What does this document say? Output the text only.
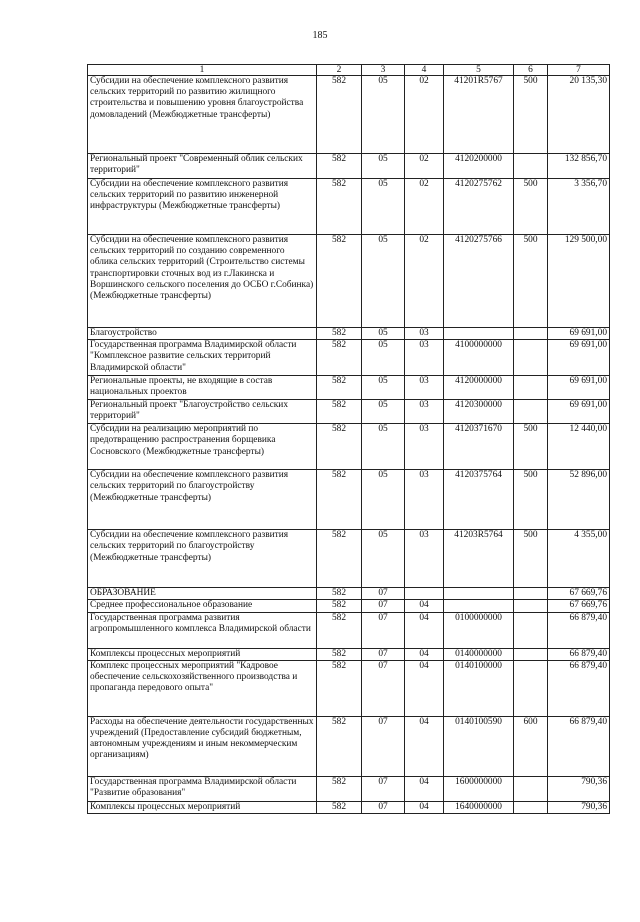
185
1	2	3	4	5	6	7
Субсидии на обеспечение комплексного развития сельских территорий по развитию жилищного строительства и повышению уровня благоустройства домовладений (Межбюджетные трансферты)	582	05	02	41201R5767	500	20 135,30
Региональный проект "Современный облик сельских территорий"	582	05	02	4120200000		132 856,70
Субсидии на обеспечение комплексного развития сельских территорий по развитию инженерной инфраструктуры (Межбюджетные трансферты)	582	05	02	4120275762	500	3 356,70
Субсидии на обеспечение комплексного развития сельских территорий по созданию современного облика сельских территорий (Строительство системы транспортировки сточных вод из г.Лакинска и Воршинского сельского поселения до ОСБО г.Собинка) (Межбюджетные трансферты)	582	05	02	4120275766	500	129 500,00
Благоустройство	582	05	03			69 691,00
Государственная программа Владимирской области "Комплексное развитие сельских территорий Владимирской области"	582	05	03	4100000000		69 691,00
Региональные проекты, не входящие в состав национальных проектов	582	05	03	4120000000		69 691,00
Региональный проект "Благоустройство сельских территорий"	582	05	03	4120300000		69 691,00
Субсидии на реализацию мероприятий по предотвращению распространения борщевика Сосновского (Межбюджетные трансферты)	582	05	03	4120371670	500	12 440,00
Субсидии на обеспечение комплексного развития сельских территорий по благоустройству (Межбюджетные трансферты)	582	05	03	4120375764	500	52 896,00
Субсидии на обеспечение комплексного развития сельских территорий по благоустройству (Межбюджетные трансферты)	582	05	03	41203R5764	500	4 355,00
ОБРАЗОВАНИЕ	582	07				67 669,76
Среднее профессиональное образование	582	07	04			67 669,76
Государственная программа развития агропромышленного комплекса Владимирской области	582	07	04	0100000000		66 879,40
Комплексы процессных мероприятий	582	07	04	0140000000		66 879,40
Комплекс процессных мероприятий "Кадровое обеспечение сельскохозяйственного производства и пропаганда передового опыта"	582	07	04	0140100000		66 879,40
Расходы на обеспечение деятельности государственных учреждений (Предоставление субсидий бюджетным, автономным учреждениям и иным некоммерческим организациям)	582	07	04	0140100590	600	66 879,40
Государственная программа Владимирской области "Развитие образования"	582	07	04	1600000000		790,36
Комплексы процессных мероприятий	582	07	04	1640000000		790,36
